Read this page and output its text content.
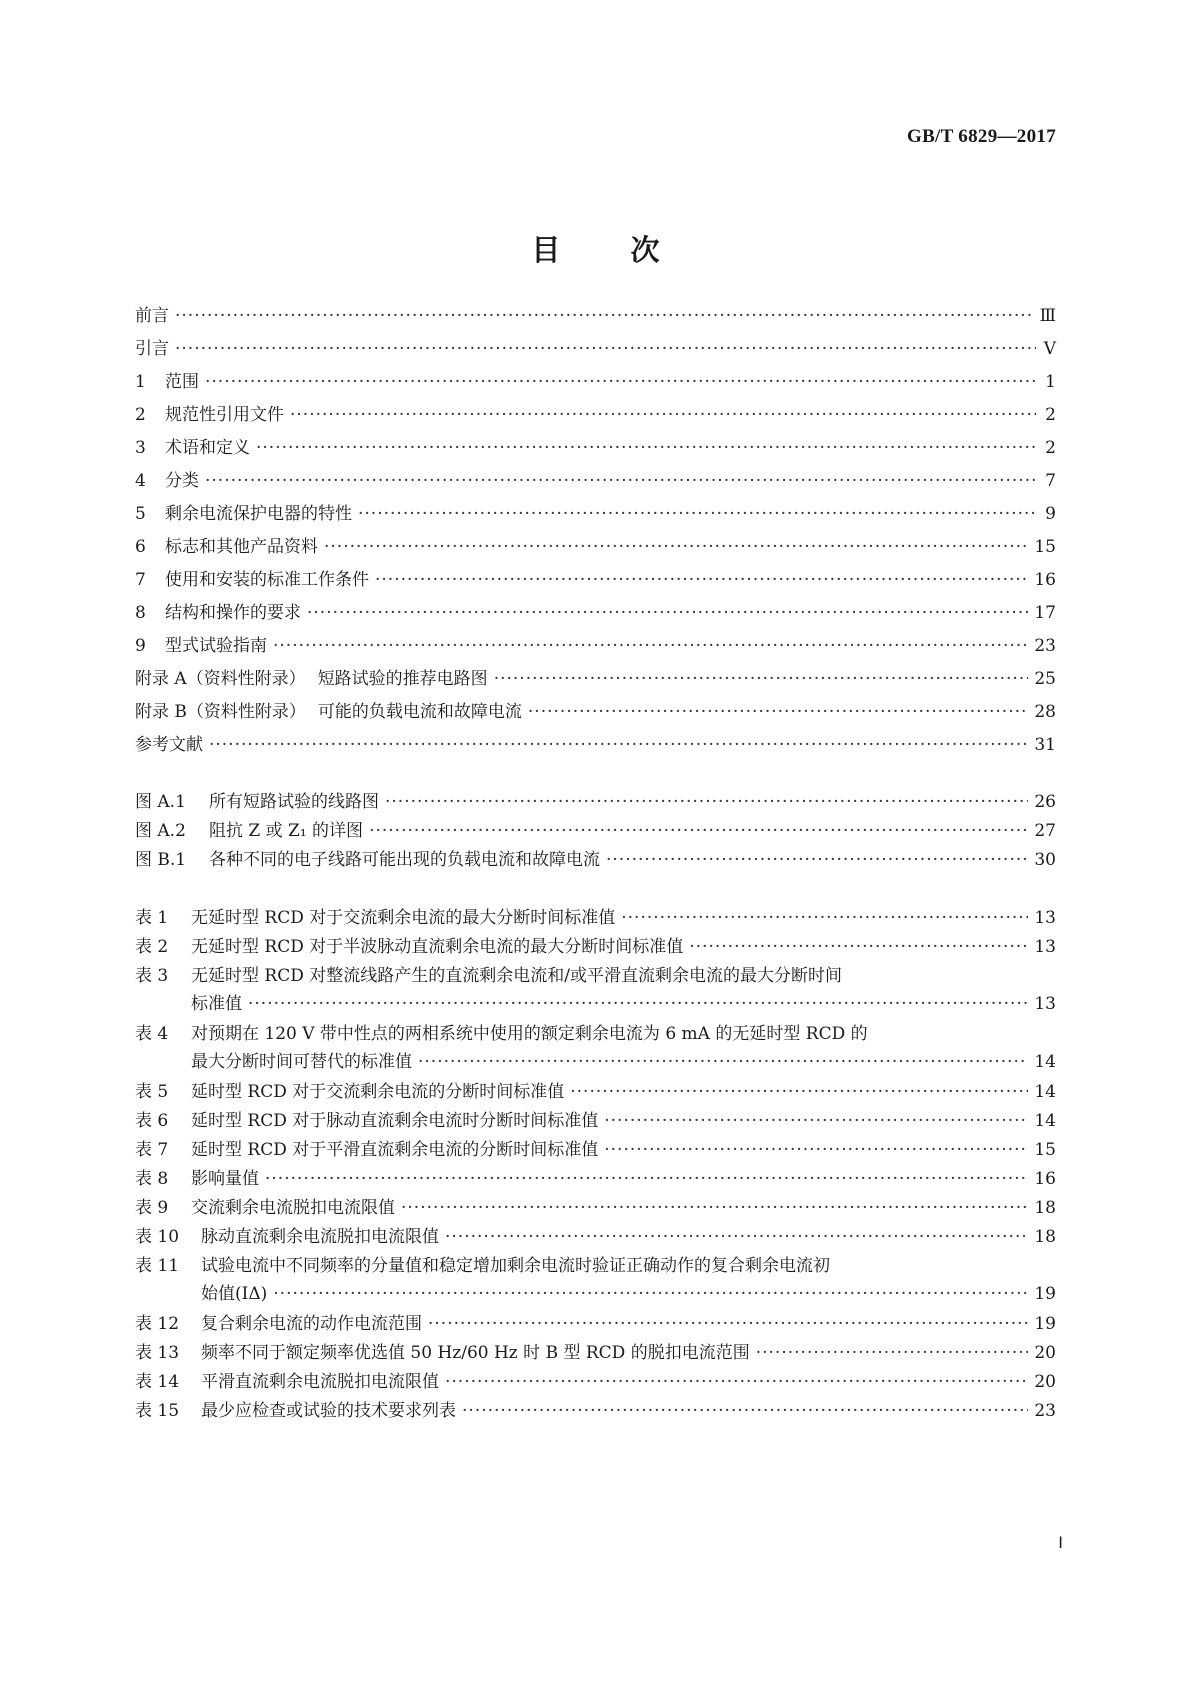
GB/T 6829—2017
目 次
前言 ·····	Ⅲ
引言 ·····	Ⅴ
1	范围 ·····	1
2	规范性引用文件 ·····	2
3	术语和定义 ·····	2
4	分类 ·····	7
5	剩余电流保护电器的特性 ·····	9
6	标志和其他产品资料 ·····	15
7	使用和安装的标准工作条件 ·····	16
8	结构和操作的要求 ·····	17
9	型式试验指南 ·····	23
附录 A（资料性附录） 短路试验的推荐电路图 ·····	25
附录 B（资料性附录） 可能的负载电流和故障电流 ·····	28
参考文献 ·····	31
图 A.1	所有短路试验的线路图 ·····	26
图 A.2	阻抗 Z 或 Z₁ 的详图 ·····	27
图 B.1	各种不同的电子线路可能出现的负载电流和故障电流 ·····	30
表 1	无延时型 RCD 对于交流剩余电流的最大分断时间标准值 ·····	13
表 2	无延时型 RCD 对于半波脉动直流剩余电流的最大分断时间标准值 ·····	13
表 3	无延时型 RCD 对整流线路产生的直流剩余电流和/或平滑直流剩余电流的最大分断时间
标准值 ·····	13
表 4	对预期在 120 V 带中性点的两相系统中使用的额定剩余电流为 6 mA 的无延时型 RCD 的
最大分断时间可替代的标准值 ·····	14
表 5	延时型 RCD 对于交流剩余电流的分断时间标准值 ·····	14
表 6	延时型 RCD 对于脉动直流剩余电流时分断时间标准值 ·····	14
表 7	延时型 RCD 对于平滑直流剩余电流的分断时间标准值 ·····	15
表 8	影响量值 ·····	16
表 9	交流剩余电流脱扣电流限值 ·····	18
表 10	脉动直流剩余电流脱扣电流限值 ·····	18
表 11	试验电流中不同频率的分量值和稳定增加剩余电流时验证正确动作的复合剩余电流初
始值(IΔ) ·····	19
表 12	复合剩余电流的动作电流范围 ·····	19
表 13	频率不同于额定频率优选值 50 Hz/60 Hz 时 B 型 RCD 的脱扣电流范围 ·····	20
表 14	平滑直流剩余电流脱扣电流限值 ·····	20
表 15	最少应检查或试验的技术要求列表 ·····	23
Ⅰ
